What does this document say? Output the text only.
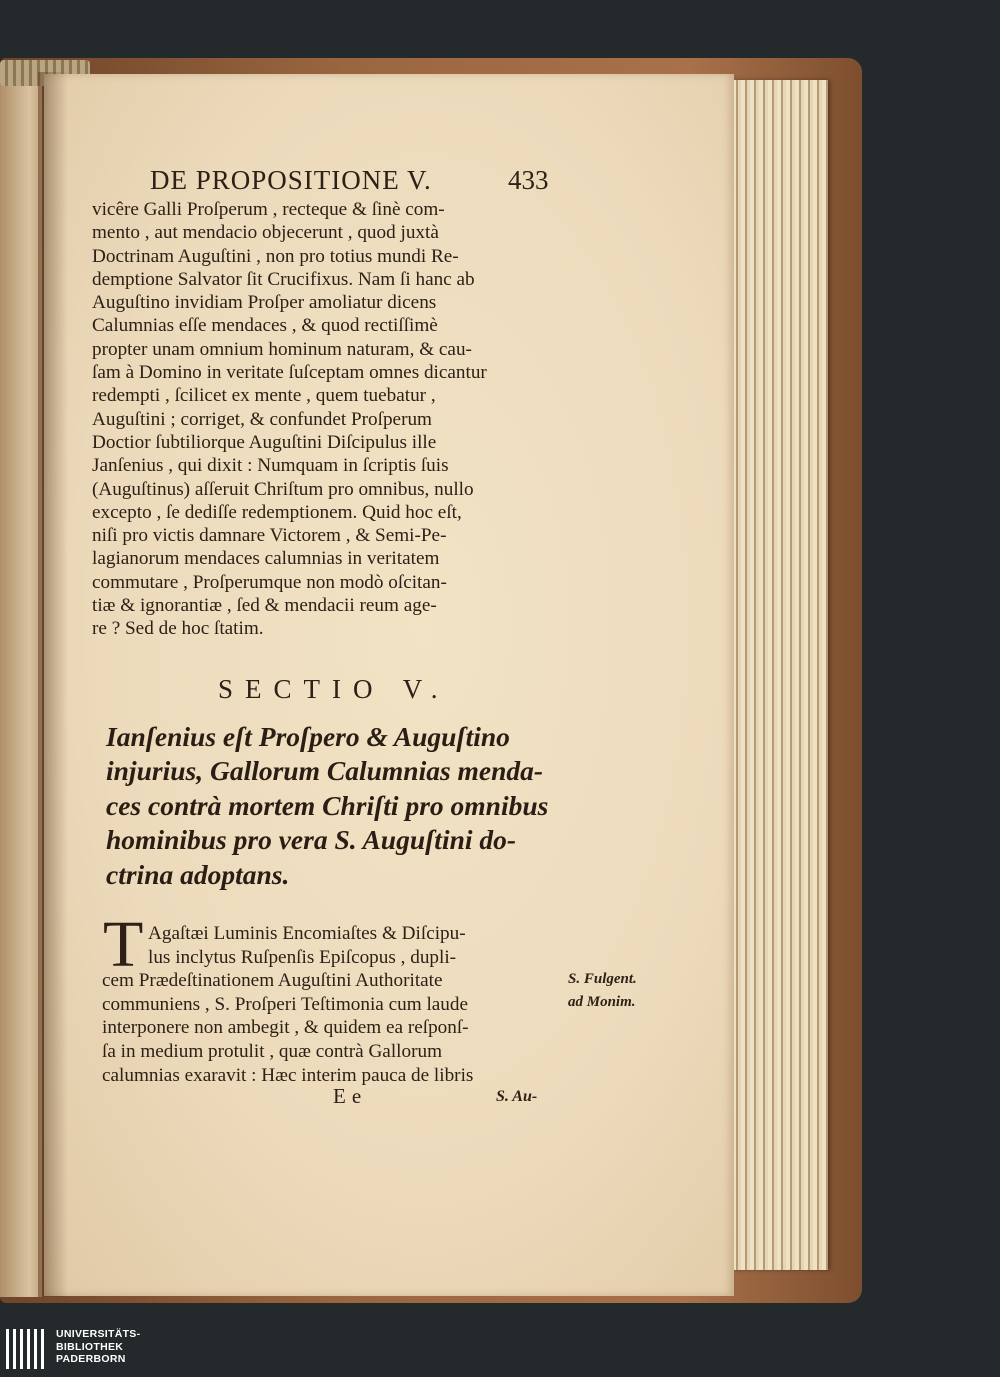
DE PROPOSITIONE V.	433
vicêre Galli Proſperum , recteque & ſinè com-
mento , aut mendacio objecerunt , quod juxtà
Doctrinam Auguſtini , non pro totius mundi Re-
demptione Salvator ſit Crucifixus. Nam ſi hanc ab
Auguſtino invidiam Proſper amoliatur dicens
Calumnias eſſe mendaces , & quod rectiſſimè
propter unam omnium hominum naturam, & cau-
ſam à Domino in veritate ſuſceptam omnes dicantur
redempti , ſcilicet ex mente , quem tuebatur ,
Auguſtini ; corriget, & confundet Proſperum
Doctior ſubtiliorque Auguſtini Diſcipulus ille
Janſenius , qui dixit : Numquam in ſcriptis ſuis
(Auguſtinus) aſſeruit Chriſtum pro omnibus, nullo
excepto , ſe dediſſe redemptionem. Quid hoc eſt,
niſi pro victis damnare Victorem , & Semi-Pe-
lagianorum mendaces calumnias in veritatem
commutare , Proſperumque non modò oſcitan-
tiæ & ignorantiæ , ſed & mendacii reum age-
re ? Sed de hoc ſtatim.
SECTIO V.
Ianſenius eſt Proſpero & Auguſtino
injurius, Gallorum Calumnias menda-
ces contrà mortem Chriſti pro omnibus
hominibus pro vera S. Auguſtini do-
ctrina adoptans.
T Agaſtæi Luminis Encomiaſtes & Diſcipu-
lus inclytus Ruſpenſis Epiſcopus , dupli-
cem Prædeſtinationem Auguſtini Authoritate
communiens , S. Proſperi Teſtimonia cum laude
interponere non ambegit , & quidem ea reſponſ-
ſa in medium protulit , quæ contrà Gallorum
calumnias exaravit : Hæc interim pauca de libris
S. Fulgent.
ad Monim.
Ee	S. Au-
UNIVERSITÄTS-
BIBLIOTHEK
PADERBORN
